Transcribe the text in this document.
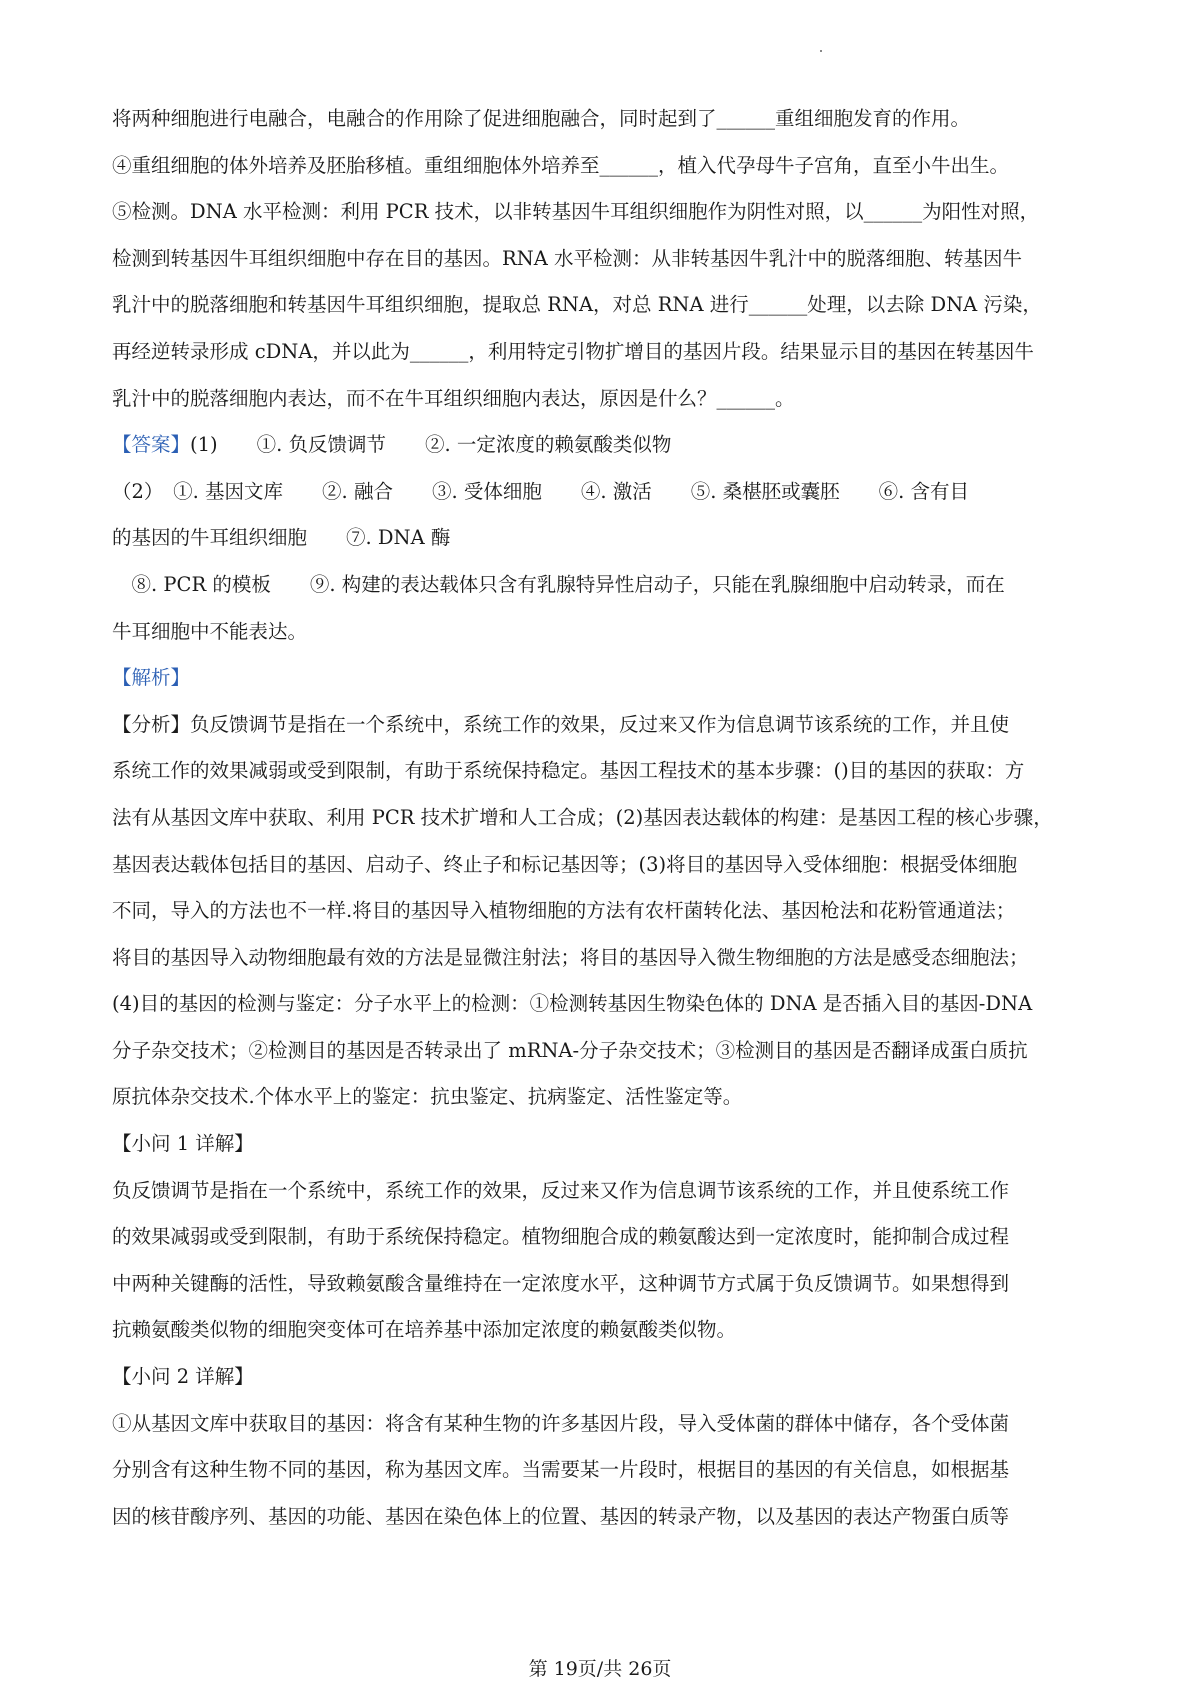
将两种细胞进行电融合，电融合的作用除了促进细胞融合，同时起到了______重组细胞发育的作用。

④重组细胞的体外培养及胚胎移植。重组细胞体外培养至______，植入代孕母牛子宫角，直至小牛出生。

⑤检测。DNA 水平检测：利用 PCR 技术，以非转基因牛耳组织细胞作为阴性对照，以______为阳性对照，

检测到转基因牛耳组织细胞中存在目的基因。RNA 水平检测：从非转基因牛乳汁中的脱落细胞、转基因牛

乳汁中的脱落细胞和转基因牛耳组织细胞，提取总 RNA，对总 RNA 进行______处理，以去除 DNA 污染，

再经逆转录形成 cDNA，并以此为______，利用特定引物扩增目的基因片段。结果显示目的基因在转基因牛

乳汁中的脱落细胞内表达，而不在牛耳组织细胞内表达，原因是什么？______。

【答案】(1)　　①. 负反馈调节　　②. 一定浓度的赖氨酸类似物

（2）　①. 基因文库　　②. 融合　　③. 受体细胞　　④. 激活　　⑤. 桑椹胚或囊胚　　⑥. 含有目

的基因的牛耳组织细胞　　⑦. DNA 酶

　⑧. PCR 的模板　　⑨. 构建的表达载体只含有乳腺特异性启动子，只能在乳腺细胞中启动转录，而在

牛耳细胞中不能表达。

【解析】

【分析】负反馈调节是指在一个系统中，系统工作的效果，反过来又作为信息调节该系统的工作，并且使

系统工作的效果减弱或受到限制，有助于系统保持稳定。基因工程技术的基本步骤：()目的基因的获取：方

法有从基因文库中获取、利用 PCR 技术扩增和人工合成；(2)基因表达载体的构建：是基因工程的核心步骤，

基因表达载体包括目的基因、启动子、终止子和标记基因等；(3)将目的基因导入受体细胞：根据受体细胞

不同，导入的方法也不一样.将目的基因导入植物细胞的方法有农杆菌转化法、基因枪法和花粉管通道法；

将目的基因导入动物细胞最有效的方法是显微注射法；将目的基因导入微生物细胞的方法是感受态细胞法；

(4)目的基因的检测与鉴定：分子水平上的检测：①检测转基因生物染色体的 DNA 是否插入目的基因-DNA

分子杂交技术；②检测目的基因是否转录出了 mRNA-分子杂交技术；③检测目的基因是否翻译成蛋白质抗

原抗体杂交技术.个体水平上的鉴定：抗虫鉴定、抗病鉴定、活性鉴定等。

【小问 1 详解】

负反馈调节是指在一个系统中，系统工作的效果，反过来又作为信息调节该系统的工作，并且使系统工作

的效果减弱或受到限制，有助于系统保持稳定。植物细胞合成的赖氨酸达到一定浓度时，能抑制合成过程

中两种关键酶的活性，导致赖氨酸含量维持在一定浓度水平，这种调节方式属于负反馈调节。如果想得到

抗赖氨酸类似物的细胞突变体可在培养基中添加定浓度的赖氨酸类似物。

【小问 2 详解】

①从基因文库中获取目的基因：将含有某种生物的许多基因片段，导入受体菌的群体中储存，各个受体菌

分别含有这种生物不同的基因，称为基因文库。当需要某一片段时，根据目的基因的有关信息，如根据基

因的核苷酸序列、基因的功能、基因在染色体上的位置、基因的转录产物，以及基因的表达产物蛋白质等

第 19页/共 26页
